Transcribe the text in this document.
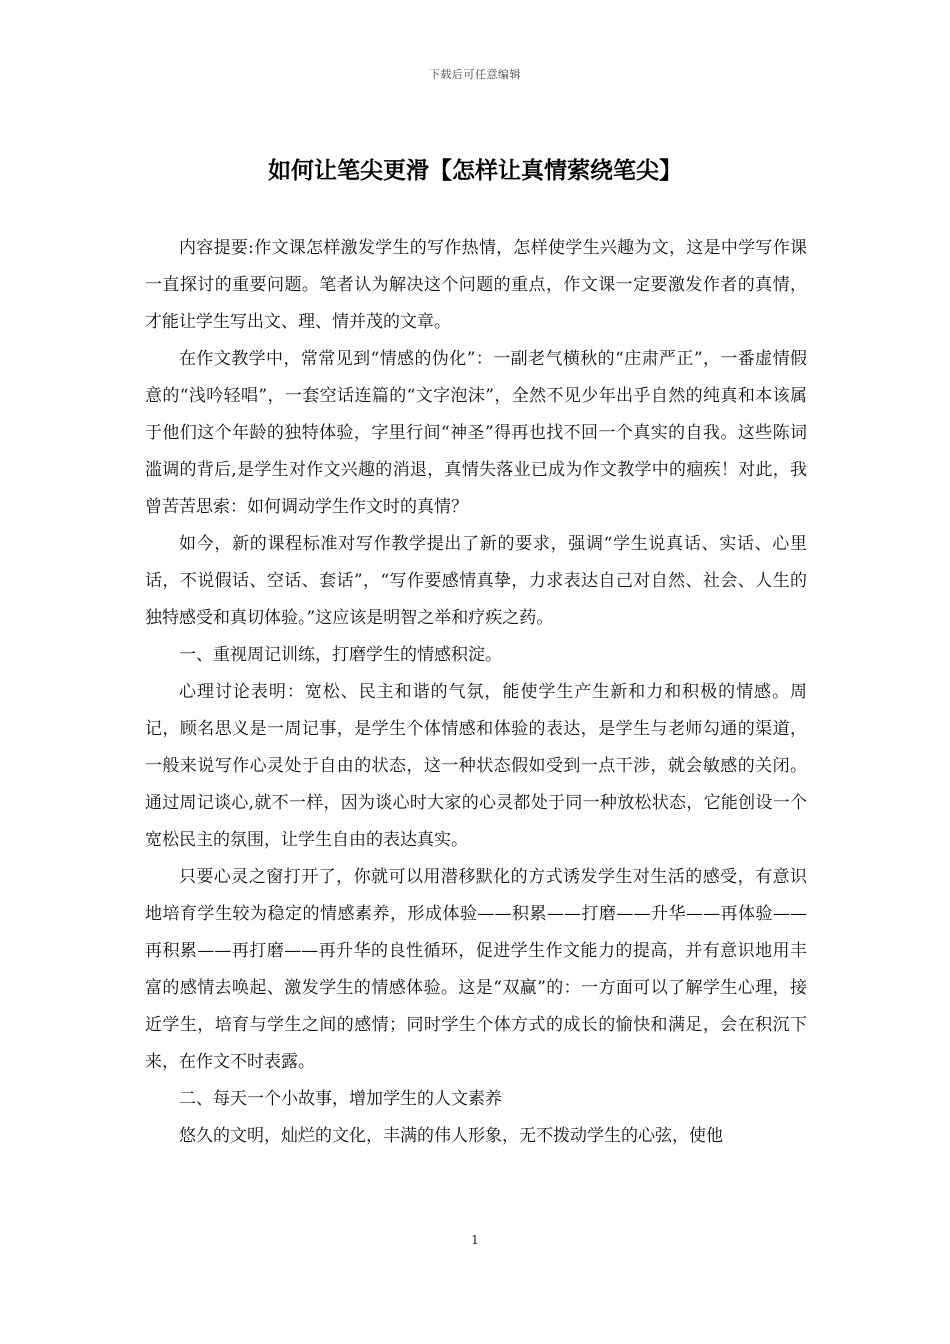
下载后可任意编辑
如何让笔尖更滑【怎样让真情萦绕笔尖】

内容提要:作文课怎样激发学生的写作热情，怎样使学生兴趣为文，这是中学写作课一直探讨的重要问题。笔者认为解决这个问题的重点，作文课一定要激发作者的真情，才能让学生写出文、理、情并茂的文章。

在作文教学中，常常见到“情感的伪化”：一副老气横秋的“庄肃严正”，一番虚情假意的“浅吟轻唱”，一套空话连篇的“文字泡沫”，全然不见少年出乎自然的纯真和本该属于他们这个年龄的独特体验，字里行间“神圣”得再也找不回一个真实的自我。这些陈词滥调的背后,是学生对作文兴趣的消退，真情失落业已成为作文教学中的痼疾！对此，我曾苦苦思索：如何调动学生作文时的真情？

如今，新的课程标准对写作教学提出了新的要求，强调“学生说真话、实话、心里话，不说假话、空话、套话”，“写作要感情真挚，力求表达自己对自然、社会、人生的独特感受和真切体验。”这应该是明智之举和疗疾之药。

一、重视周记训练，打磨学生的情感积淀。

心理讨论表明：宽松、民主和谐的气氛，能使学生产生新和力和积极的情感。周记，顾名思义是一周记事，是学生个体情感和体验的表达，是学生与老师勾通的渠道，一般来说写作心灵处于自由的状态，这一种状态假如受到一点干涉，就会敏感的关闭。通过周记谈心,就不一样，因为谈心时大家的心灵都处于同一种放松状态，它能创设一个宽松民主的氛围，让学生自由的表达真实。

只要心灵之窗打开了，你就可以用潜移默化的方式诱发学生对生活的感受，有意识地培育学生较为稳定的情感素养，形成体验——积累——打磨——升华——再体验——再积累——再打磨——再升华的良性循环，促进学生作文能力的提高，并有意识地用丰富的感情去唤起、激发学生的情感体验。这是“双赢”的：一方面可以了解学生心理，接近学生，培育与学生之间的感情；同时学生个体方式的成长的愉快和满足，会在积沉下来，在作文不时表露。

二、每天一个小故事，增加学生的人文素养

悠久的文明，灿烂的文化，丰满的伟人形象，无不拨动学生的心弦，使他

1
